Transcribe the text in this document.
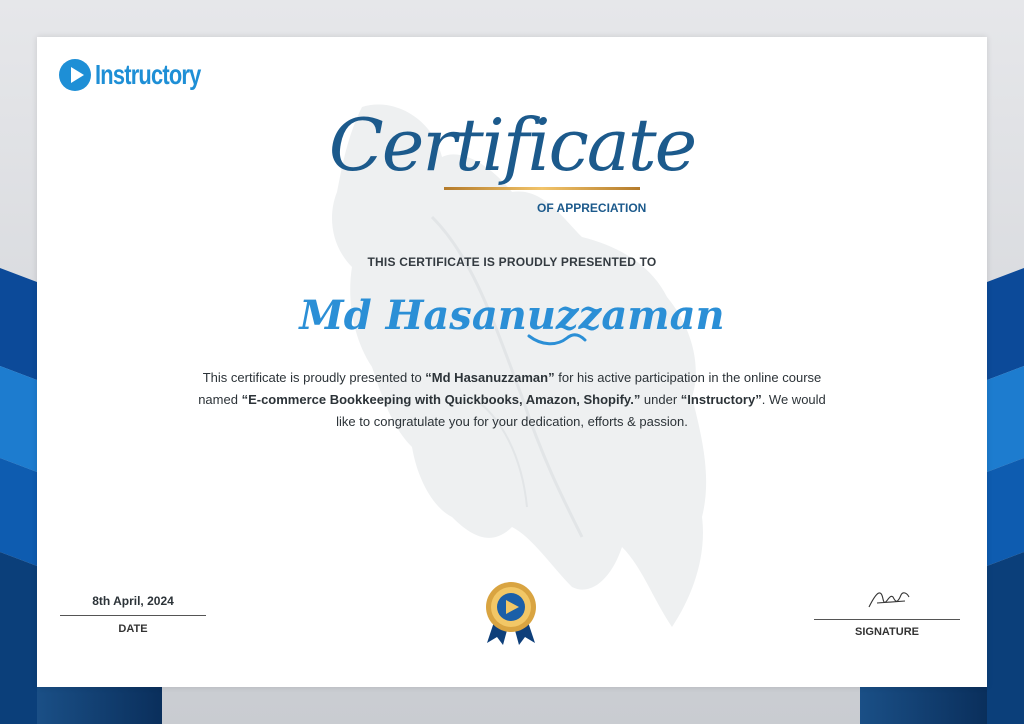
Instructory
Certificate
OF APPRECIATION
THIS CERTIFICATE IS PROUDLY PRESENTED TO
Md Hasanuzzaman
This certificate is proudly presented to “Md Hasanuzzaman” for his active participation in the online course named “E-commerce Bookkeeping with Quickbooks, Amazon, Shopify.” under “Instructory”. We would like to congratulate you for your dedication, efforts & passion.
8th April, 2024
DATE	SIGNATURE
